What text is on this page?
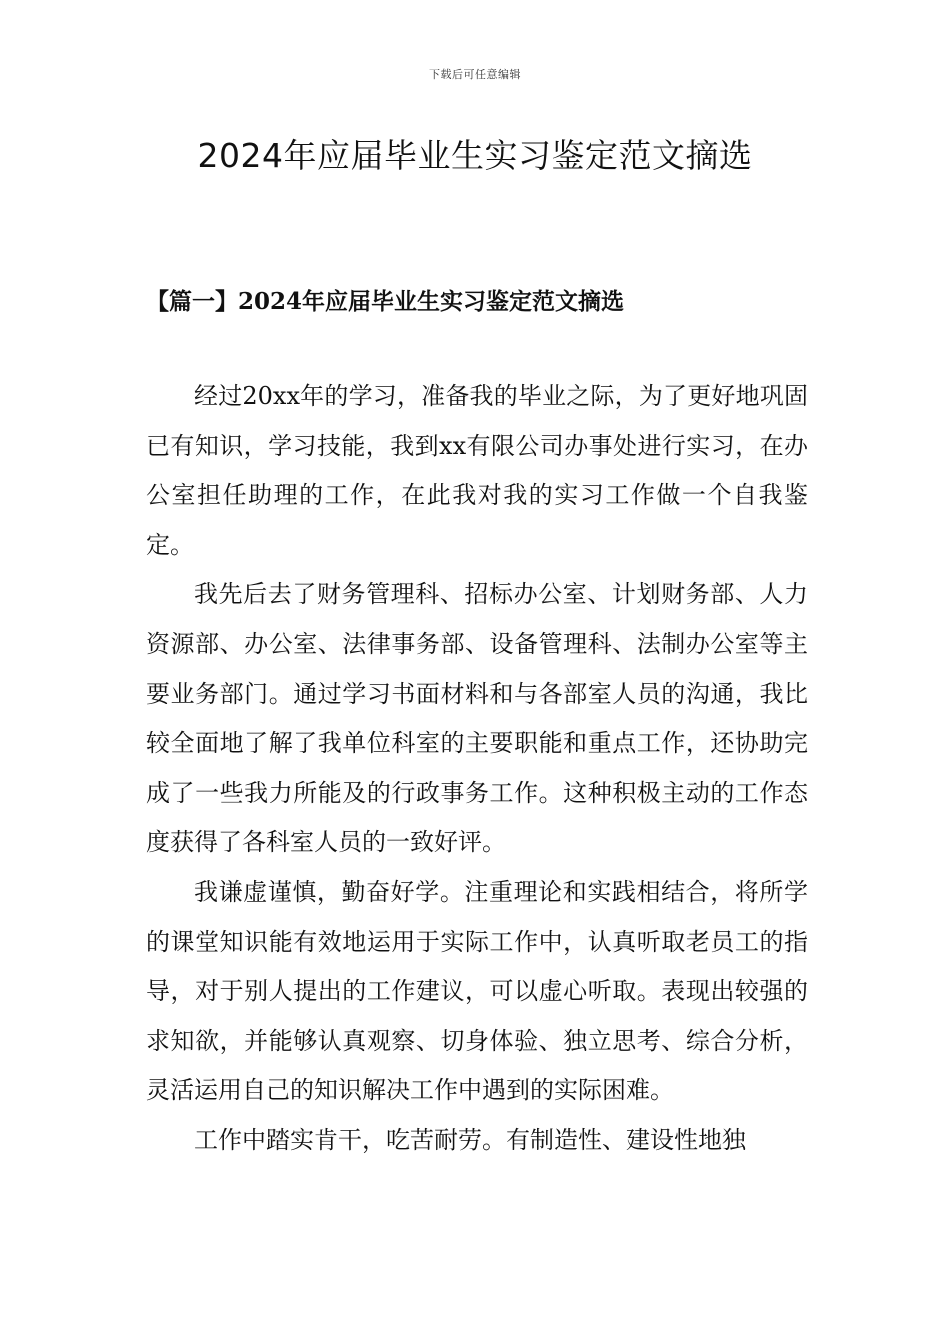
下载后可任意编辑
2024年应届毕业生实习鉴定范文摘选
【篇一】2024年应届毕业生实习鉴定范文摘选

经过20xx年的学习，准备我的毕业之际，为了更好地巩固已有知识，学习技能，我到xx有限公司办事处进行实习，在办公室担任助理的工作，在此我对我的实习工作做一个自我鉴定。

我先后去了财务管理科、招标办公室、计划财务部、人力资源部、办公室、法律事务部、设备管理科、法制办公室等主要业务部门。通过学习书面材料和与各部室人员的沟通，我比较全面地了解了我单位科室的主要职能和重点工作，还协助完成了一些我力所能及的行政事务工作。这种积极主动的工作态度获得了各科室人员的一致好评。

我谦虚谨慎，勤奋好学。注重理论和实践相结合，将所学的课堂知识能有效地运用于实际工作中，认真听取老员工的指导，对于别人提出的工作建议，可以虚心听取。表现出较强的求知欲，并能够认真观察、切身体验、独立思考、综合分析，灵活运用自己的知识解决工作中遇到的实际困难。

工作中踏实肯干，吃苦耐劳。有制造性、建设性地独
